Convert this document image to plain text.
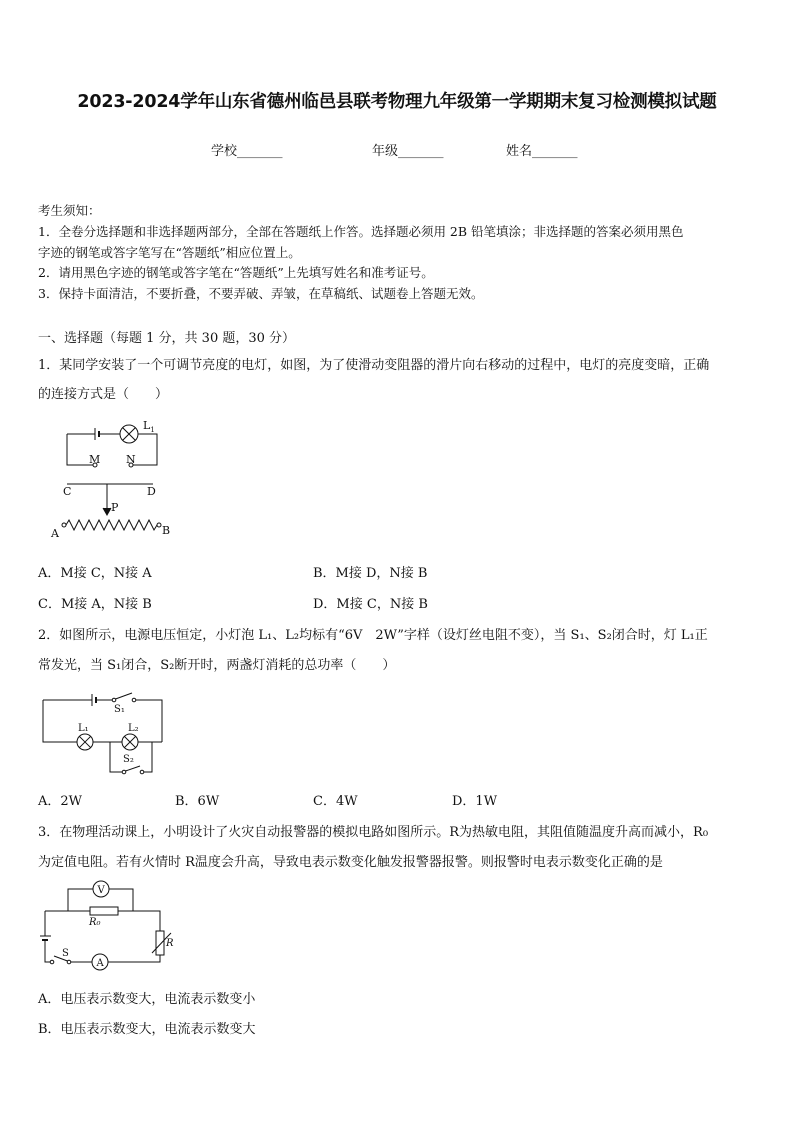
2023-2024学年山东省德州临邑县联考物理九年级第一学期期末复习检测模拟试题
学校_______	年级_______	姓名_______
考生须知：
1．全卷分选择题和非选择题两部分，全部在答题纸上作答。选择题必须用 2B 铅笔填涂；非选择题的答案必须用黑色
字迹的钢笔或答字笔写在“答题纸”相应位置上。
2．请用黑色字迹的钢笔或答字笔在“答题纸”上先填写姓名和准考证号。
3．保持卡面清洁，不要折叠，不要弄破、弄皱，在草稿纸、试题卷上答题无效。
一、选择题（每题 1 分，共 30 题，30 分）
1．某同学安装了一个可调节亮度的电灯，如图，为了使滑动变阻器的滑片向右移动的过程中，电灯的亮度变暗，正确
的连接方式是（　　）
$L_1$
M N
C	D
P
A	B
A．M接 C，N接 A	B．M接 D，N接 B
C．M接 A，N接 B	D．M接 C，N接 B
2．如图所示，电源电压恒定，小灯泡 L₁、L₂均标有“6V　2W”字样（设灯丝电阻不变），当 S₁、S₂闭合时，灯 L₁正
常发光，当 S₁闭合，S₂断开时，两盏灯消耗的总功率（　　）
S₁
L₁	L₂
S₂
A．2W	B．6W	C．4W	D．1W
3．在物理活动课上，小明设计了火灾自动报警器的模拟电路如图所示。R为热敏电阻，其阻值随温度升高而减小，R₀
为定值电阻。若有火情时 R温度会升高，导致电表示数变化触发报警器报警。则报警时电表示数变化正确的是
V
R₀
R
S
A
A．电压表示数变大，电流表示数变小
B．电压表示数变大，电流表示数变大
